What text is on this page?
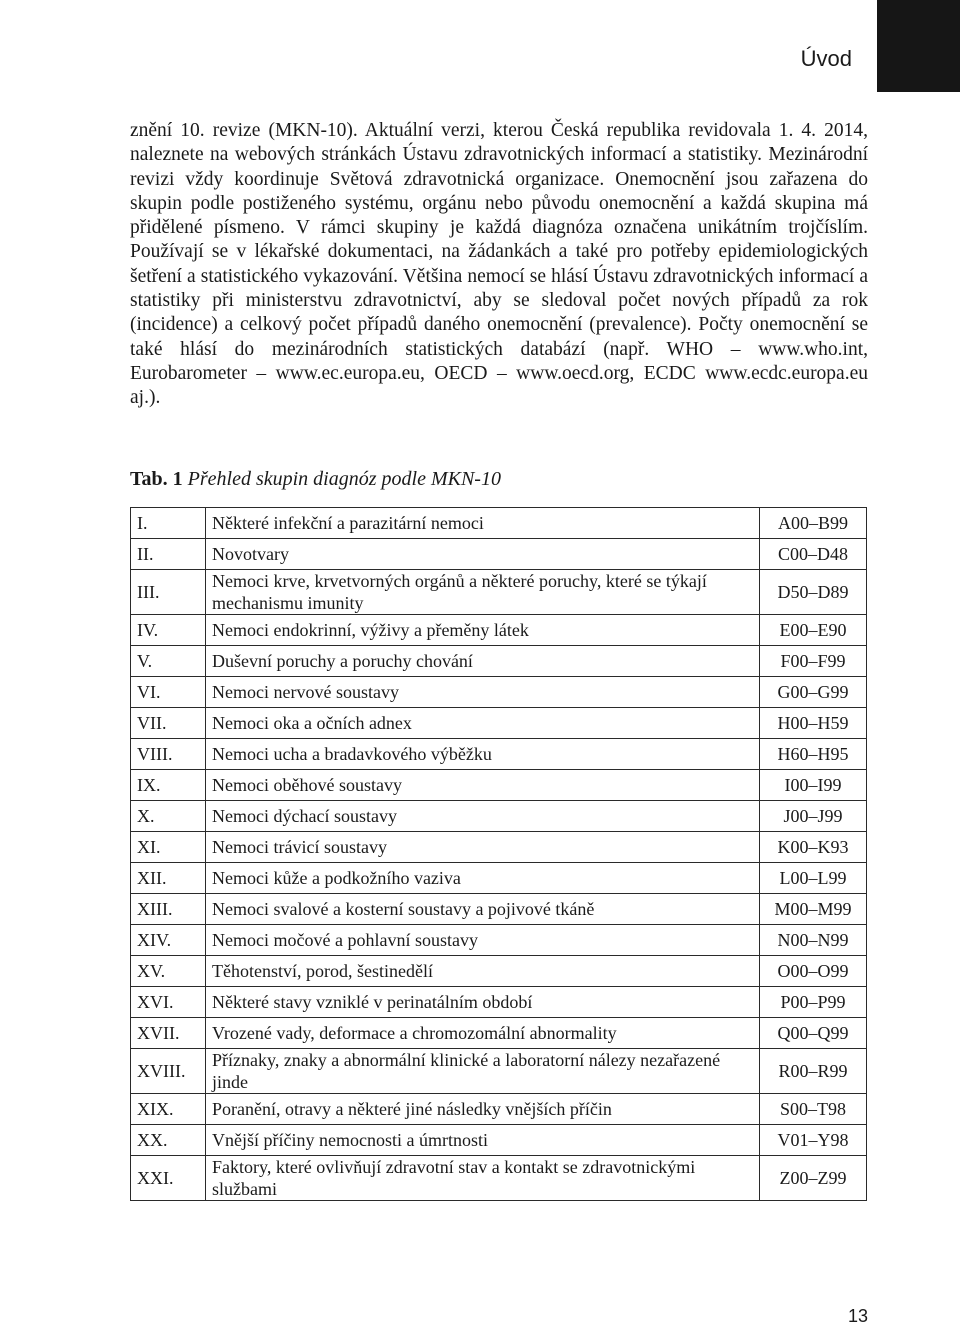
Úvod

znění 10. revize (MKN-10). Aktuální verzi, kterou Česká republika revidovala 1. 4. 2014, naleznete na webových stránkách Ústavu zdravotnických informací a statistiky. Mezinárodní revizi vždy koordinuje Světová zdravotnická organizace. Onemocnění jsou zařazena do skupin podle postiženého systému, orgánu nebo původu onemocnění a každá skupina má přidělené písmeno. V rámci skupiny je každá diagnóza označena unikátním trojčíslím. Používají se v lékařské dokumentaci, na žádankách a také pro potřeby epidemiologických šetření a statistického vykazování. Většina nemocí se hlásí Ústavu zdravotnických informací a statistiky při ministerstvu zdravotnictví, aby se sledoval počet nových případů za rok (incidence) a celkový počet případů daného onemocnění (prevalence). Počty onemocnění se také hlásí do mezinárodních statistických databází (např. WHO – www.who.int, Eurobarometer – www.ec.europa.eu, OECD – www.oecd.org, ECDC www.ecdc.europa.eu aj.).

Tab. 1 Přehled skupin diagnóz podle MKN-10
I.	Některé infekční a parazitární nemoci	A00–B99
II.	Novotvary	C00–D48
III.	Nemoci krve, krvetvorných orgánů a některé poruchy, které se týkají mechanismu imunity	D50–D89
IV.	Nemoci endokrinní, výživy a přeměny látek	E00–E90
V.	Duševní poruchy a poruchy chování	F00–F99
VI.	Nemoci nervové soustavy	G00–G99
VII.	Nemoci oka a očních adnex	H00–H59
VIII.	Nemoci ucha a bradavkového výběžku	H60–H95
IX.	Nemoci oběhové soustavy	I00–I99
X.	Nemoci dýchací soustavy	J00–J99
XI.	Nemoci trávicí soustavy	K00–K93
XII.	Nemoci kůže a podkožního vaziva	L00–L99
XIII.	Nemoci svalové a kosterní soustavy a pojivové tkáně	M00–M99
XIV.	Nemoci močové a pohlavní soustavy	N00–N99
XV.	Těhotenství, porod, šestinedělí	O00–O99
XVI.	Některé stavy vzniklé v perinatálním období	P00–P99
XVII.	Vrozené vady, deformace a chromozomální abnormality	Q00–Q99
XVIII.	Příznaky, znaky a abnormální klinické a laboratorní nálezy nezařazené jinde	R00–R99
XIX.	Poranění, otravy a některé jiné následky vnějších příčin	S00–T98
XX.	Vnější příčiny nemocnosti a úmrtnosti	V01–Y98
XXI.	Faktory, které ovlivňují zdravotní stav a kontakt se zdravotnickými službami	Z00–Z99
13
